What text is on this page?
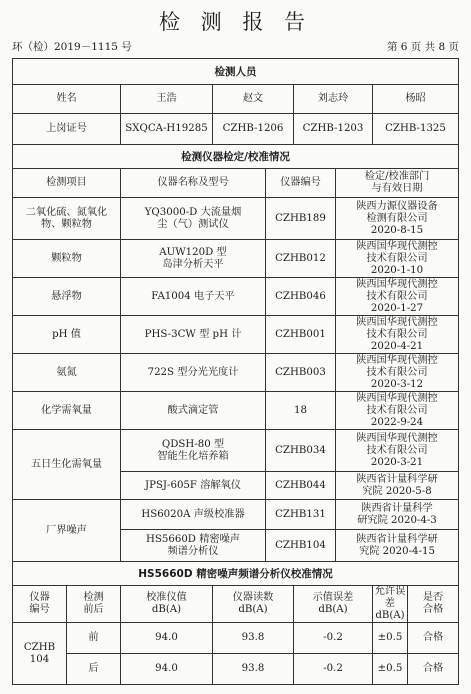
检 测 报 告
环（检）2019－1115 号	第 6 页 共 8 页
检测人员								
姓名		王浩	赵文		刘志玲		杨昭	
上岗证号		SXQCA-H19285	CZHB-1206		CZHB-1203		CZHB-1325	
检测仪器检定/校准情况								
检测项目		仪器名称及型号		仪器编号		检定/校准部门
与有效日期		

二氧化硫、氮氧化
物、颗粒物		YQ3000-D 大流量烟
尘（气）测试仪		CZHB189		陕西力源仪器设备
检测有限公司
2020-8-15		

颗粒物		AUW120D 型
岛津分析天平		CZHB012		陕西国华现代测控
技术有限公司
2020-1-10		

悬浮物		FA1004 电子天平		CZHB046		陕西国华现代测控
技术有限公司
2020-1-27		

pH 值		PHS-3CW 型 pH 计		CZHB001		陕西国华现代测控
技术有限公司
2020-4-21		

氨氮		722S 型分光光度计		CZHB003		陕西国华现代测控
技术有限公司
2020-3-12		

化学需氧量		酸式滴定管		18		陕西国华现代测控
技术有限公司
2022-9-24		

五日生化需氧量		QDSH-80 型
智能生化培养箱		CZHB034		陕西国华现代测控
技术有限公司
2020-3-21		

		JPSJ-605F 溶解氧仪		CZHB044		陕西省计量科学研
究院 2020-5-8		

厂界噪声		HS6020A 声级校准器		CZHB131		陕西省计量科学
研究院 2020-4-3		

		HS5660D 精密噪声
频谱分析仪		CZHB104		陕西省计量科学研
究院 2020-4-15		

HS5660D 精密噪声频谱分析仪校准情况								

仪器
编号	检测
前后	校准仪值
dB(A)	仪器读数
dB(A)		示值误差
dB(A)		允许误差
dB(A)	是否
合格

CZHB
104	前	94.0	93.8		-0.2		±0.5	合格
	后	94.0	93.8		-0.2		±0.5	合格
